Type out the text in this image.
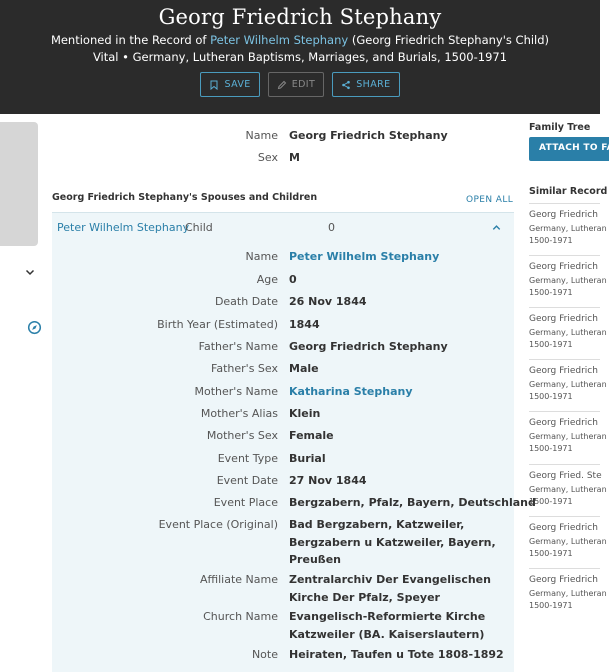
Georg Friedrich Stephany
Mentioned in the Record of Peter Wilhelm Stephany (Georg Friedrich Stephany's Child)
Vital • Germany, Lutheran Baptisms, Marriages, and Burials, 1500-1971
SAVE	EDIT	SHARE
Name Georg Friedrich Stephany
Sex M
Georg Friedrich Stephany's Spouses and Children	OPEN ALL
Peter Wilhelm Stephany
Child	0
Name Peter Wilhelm Stephany
Age 0
Death Date 26 Nov 1844
Birth Year (Estimated) 1844
Father's Name Georg Friedrich Stephany
Father's Sex Male
Mother's Name Katharina Stephany
Mother's Alias Klein
Mother's Sex Female
Event Type Burial
Event Date 27 Nov 1844
Event Place Bergzabern, Pfalz, Bayern, Deutschland
Event Place (Original) Bad Bergzabern, Katzweiler, Bergzabern u Katzweiler, Bayern, Preußen
Affiliate Name Zentralarchiv Der Evangelischen Kirche Der Pfalz, Speyer
Church Name Evangelisch-Reformierte Kirche Katzweiler (BA. Kaiserslautern)
Note Heiraten, Taufen u Tote 1808-1892
Family Tree
ATTACH TO FA
Similar Record
Georg Friedrich
Germany, Lutheran
1500-1971
Georg Friedrich
Germany, Lutheran
1500-1971
Georg Friedrich
Germany, Lutheran
1500-1971
Georg Friedrich
Germany, Lutheran
1500-1971
Georg Friedrich
Germany, Lutheran
1500-1971
Georg Fried. Ste
Germany, Lutheran
1500-1971
Georg Friedrich
Germany, Lutheran
1500-1971
Georg Friedrich
Germany, Lutheran
1500-1971
